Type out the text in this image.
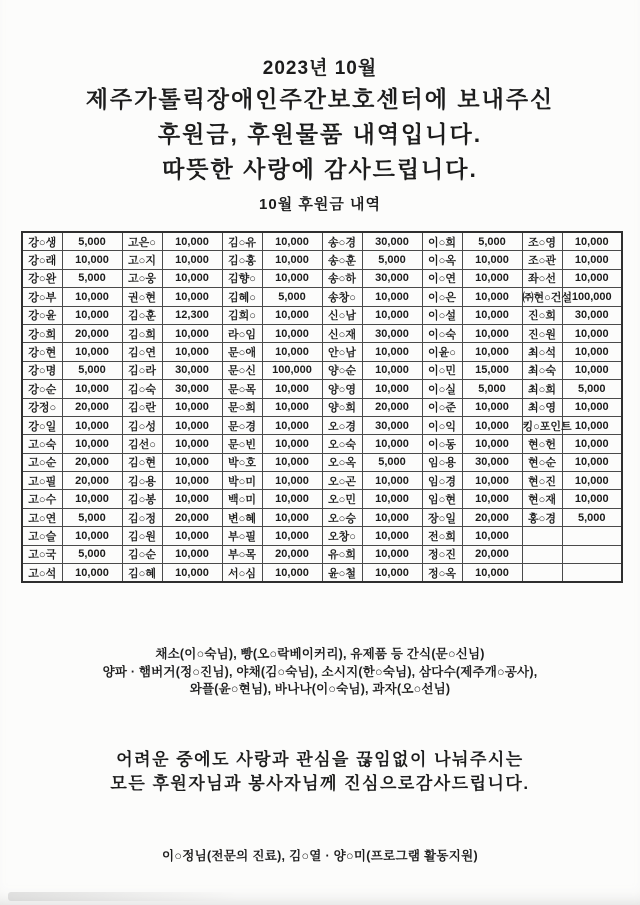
2023년 10월
제주가톨릭장애인주간보호센터에 보내주신
후원금, 후원물품 내역입니다.
따뜻한 사랑에 감사드립니다.
10월 후원금 내역
강○생	5,000	고은○	10,000	김○유	10,000	송○경	30,000	이○희	5,000	조○영	10,000
강○래	10,000	고○지	10,000	김○홍	10,000	송○훈	5,000	이○옥	10,000	조○관	10,000
강○완	5,000	고○웅	10,000	김향○	10,000	송○하	30,000	이○연	10,000	좌○선	10,000
강○부	10,000	권○현	10,000	김혜○	5,000	송창○	10,000	이○은	10,000	㈜현○건설	100,000
강○윤	10,000	김○훈	12,300	김희○	10,000	신○남	10,000	이○설	10,000	진○희	30,000
강○희	20,000	김○희	10,000	라○임	10,000	신○재	30,000	이○숙	10,000	진○원	10,000
강○현	10,000	김○연	10,000	문○애	10,000	안○남	10,000	이윤○	10,000	최○석	10,000
강○명	5,000	김○라	30,000	문○신	100,000	양○순	10,000	이○민	15,000	최○숙	10,000
강○순	10,000	김○숙	30,000	문○목	10,000	양○영	10,000	이○실	5,000	최○희	5,000
강정○	20,000	김○란	10,000	문○희	10,000	양○희	20,000	이○준	10,000	최○영	10,000
강○일	10,000	김○성	10,000	문○경	10,000	오○경	30,000	이○익	10,000	킹○포인트	10,000
고○숙	10,000	김선○	10,000	문○빈	10,000	오○숙	10,000	이○동	10,000	현○헌	10,000
고○순	20,000	김○현	10,000	박○호	10,000	오○옥	5,000	임○용	30,000	현○순	10,000
고○필	20,000	김○용	10,000	박○미	10,000	오○곤	10,000	임○경	10,000	현○진	10,000
고○수	10,000	김○봉	10,000	백○미	10,000	오○민	10,000	임○현	10,000	현○재	10,000
고○연	5,000	김○정	20,000	변○혜	10,000	오○승	10,000	장○일	20,000	홍○경	5,000
고○슬	10,000	김○원	10,000	부○필	10,000	오창○	10,000	전○희	10,000		
고○국	5,000	김○순	10,000	부○목	20,000	유○희	10,000	정○진	20,000		
고○석	10,000	김○혜	10,000	서○심	10,000	윤○철	10,000	정○옥	10,000		
채소(이○숙님), 빵(오○락베이커리), 유제품 등 간식(문○신님)
양파 · 햄버거(정○진님), 야채(김○숙님), 소시지(한○숙님), 삼다수(제주개○공사),
와플(윤○현님), 바나나(이○숙님), 과자(오○선님)
어려운 중에도 사랑과 관심을 끊임없이 나눠주시는
모든 후원자님과 봉사자님께 진심으로감사드립니다.
이○정님(전문의 진료), 김○열 · 양○미(프로그램 활동지원)
